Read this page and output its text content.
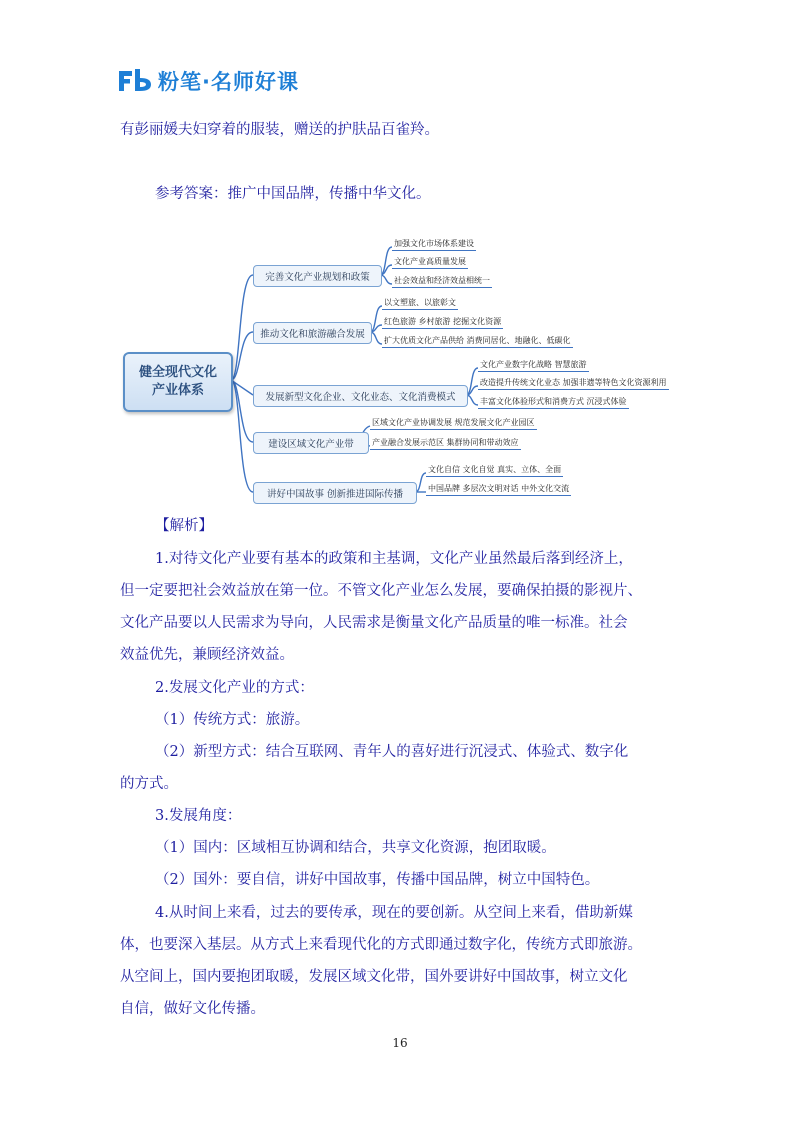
粉笔·名师好课
有彭丽媛夫妇穿着的服装，赠送的护肤品百雀羚。
参考答案：推广中国品牌，传播中华文化。
健全现代文化
产业体系
完善文化产业规划和政策
加强文化市场体系建设
文化产业高质量发展
社会效益和经济效益相统一
推动文化和旅游融合发展
以文塑旅、以旅彰文
红色旅游 乡村旅游 挖掘文化资源
扩大优质文化产品供给 消费同居化、地融化、低碳化
发展新型文化企业、文化业态、文化消费模式
文化产业数字化战略 智慧旅游
改造提升传统文化业态 加强非遗等特色文化资源利用
丰富文化体验形式和消费方式 沉浸式体验
建设区域文化产业带
区域文化产业协调发展 规范发展文化产业园区
产业融合发展示范区 集群协同和带动效应
讲好中国故事 创新推进国际传播
文化自信 文化自觉 真实、立体、全面
中国品牌 多层次文明对话 中外文化交流
【解析】
1.对待文化产业要有基本的政策和主基调，文化产业虽然最后落到经济上，
但一定要把社会效益放在第一位。不管文化产业怎么发展，要确保拍摄的影视片、
文化产品要以人民需求为导向，人民需求是衡量文化产品质量的唯一标准。社会
效益优先，兼顾经济效益。
2.发展文化产业的方式：
（1）传统方式：旅游。
（2）新型方式：结合互联网、青年人的喜好进行沉浸式、体验式、数字化
的方式。
3.发展角度：
（1）国内：区域相互协调和结合，共享文化资源，抱团取暖。
（2）国外：要自信，讲好中国故事，传播中国品牌，树立中国特色。
4.从时间上来看，过去的要传承，现在的要创新。从空间上来看，借助新媒
体，也要深入基层。从方式上来看现代化的方式即通过数字化，传统方式即旅游。
从空间上，国内要抱团取暖，发展区域文化带，国外要讲好中国故事，树立文化
自信，做好文化传播。
16
